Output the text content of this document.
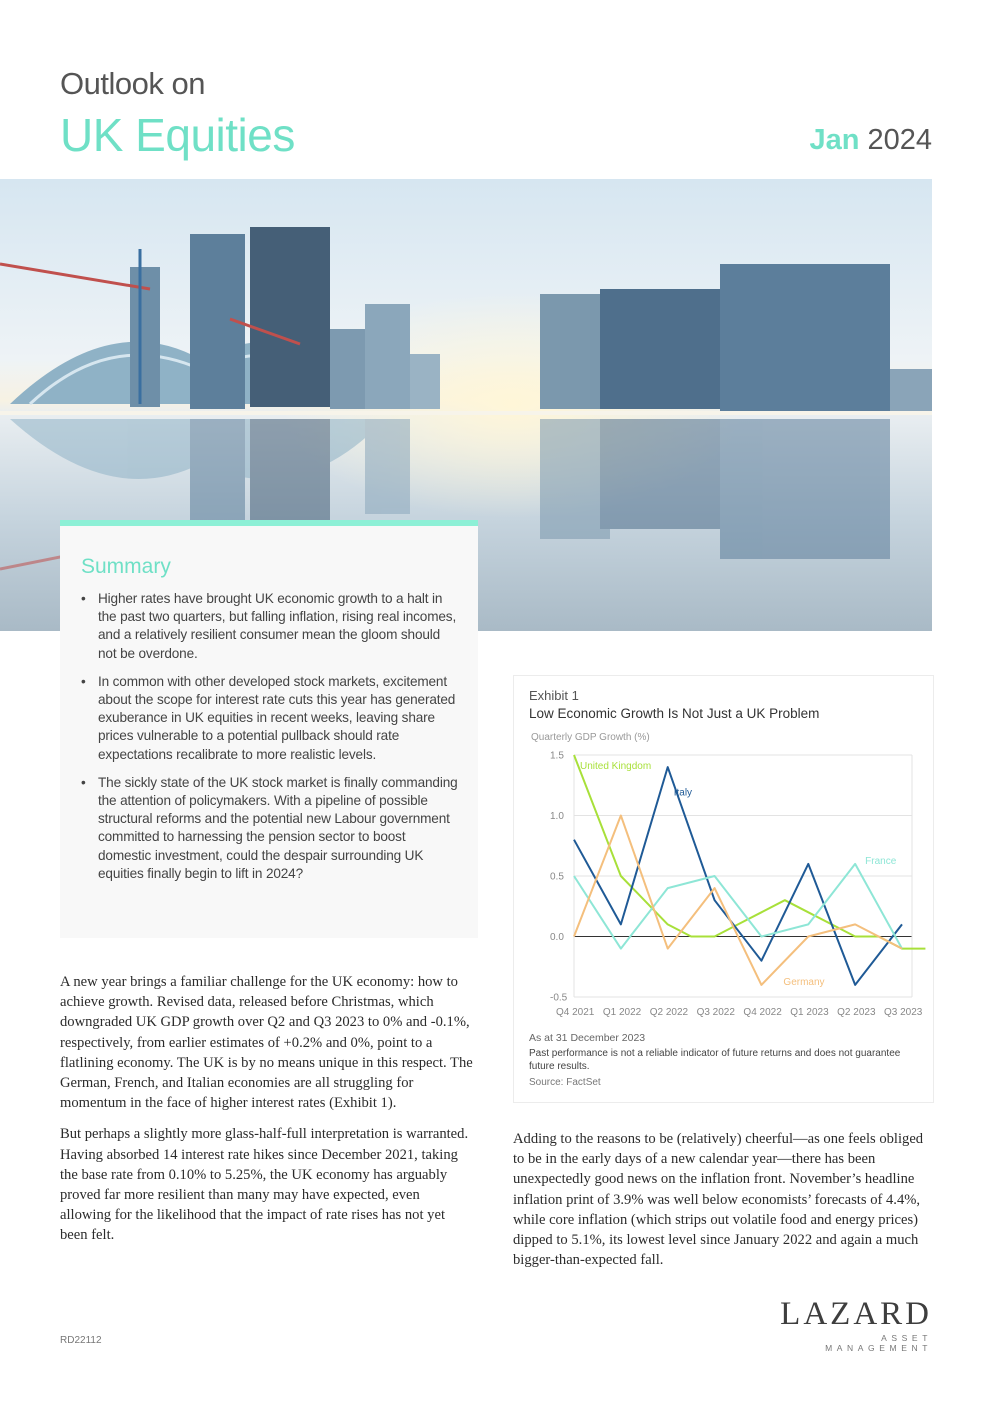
Outlook on
UK Equities	Jan 2024
Summary
• Higher rates have brought UK economic growth to a halt in the past two quarters, but falling inflation, rising real incomes, and a relatively resilient consumer mean the gloom should not be overdone.
• In common with other developed stock markets, excitement about the scope for interest rate cuts this year has generated exuberance in UK equities in recent weeks, leaving share prices vulnerable to a potential pullback should rate expectations recalibrate to more realistic levels.
• The sickly state of the UK stock market is finally commanding the attention of policymakers. With a pipeline of possible structural reforms and the potential new Labour government committed to harnessing the pension sector to boost domestic investment, could the despair surrounding UK equities finally begin to lift in 2024?

A new year brings a familiar challenge for the UK economy: how to achieve growth. Revised data, released before Christmas, which downgraded UK GDP growth over Q2 and Q3 2023 to 0% and -0.1%, respectively, from earlier estimates of +0.2% and 0%, point to a flatlining economy. The UK is by no means unique in this respect. The German, French, and Italian economies are all struggling for momentum in the face of higher interest rates (Exhibit 1).

But perhaps a slightly more glass-half-full interpretation is warranted. Having absorbed 14 interest rate hikes since December 2021, taking the base rate from 0.10% to 5.25%, the UK economy has arguably proved far more resilient than many may have expected, even allowing for the likelihood that the impact of rate rises has not yet been felt.

Exhibit 1
Low Economic Growth Is Not Just a UK Problem
Quarterly GDP Growth (%)
1.5
1.0
0.5
0.0
-0.5
Q4 2021 Q1 2022 Q2 2022 Q3 2022 Q4 2022 Q1 2023 Q2 2023 Q3 2023
United Kingdom
Italy
France
Germany
As at 31 December 2023
Past performance is not a reliable indicator of future returns and does not guarantee future results.
Source: FactSet

Adding to the reasons to be (relatively) cheerful—as one feels obliged to be in the early days of a new calendar year—there has been unexpectedly good news on the inflation front. November’s headline inflation print of 3.9% was well below economists’ forecasts of 4.4%, while core inflation (which strips out volatile food and energy prices) dipped to 5.1%, its lowest level since January 2022 and again a much bigger-than-expected fall.

RD22112
LAZARD
ASSET MANAGEMENT
